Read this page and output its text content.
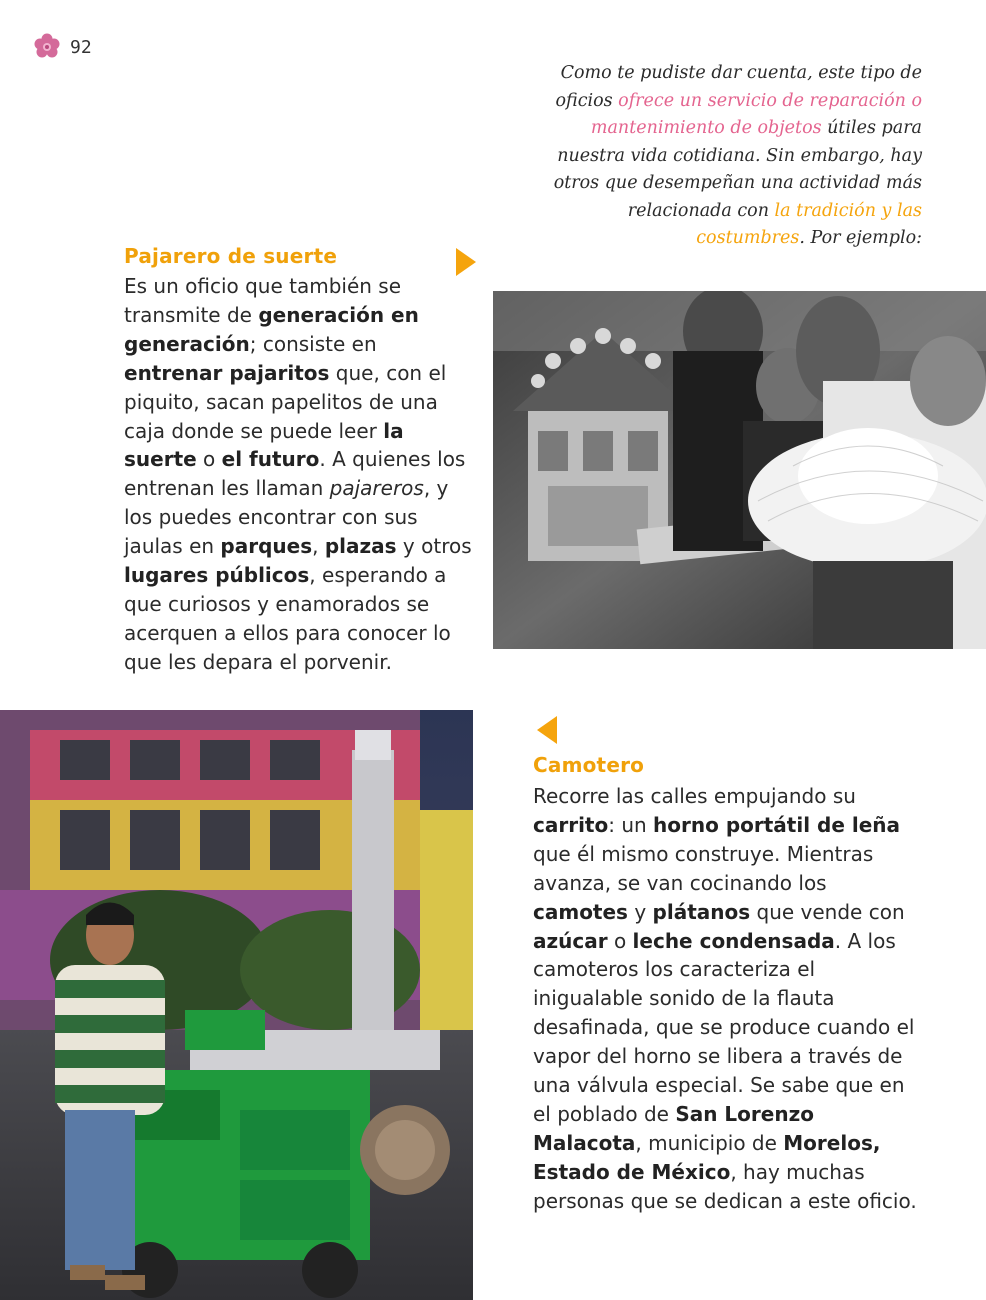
92
Como te pudiste dar cuenta, este tipo de oficios ofrece un servicio de reparación o mantenimiento de objetos útiles para nuestra vida cotidiana. Sin embargo, hay otros que desempeñan una actividad más relacionada con la tradición y las costumbres. Por ejemplo:
Pajarero de suerte
Es un oficio que también se transmite de generación en generación; consiste en entrenar pajaritos que, con el piquito, sacan papelitos de una caja donde se puede leer la suerte o el futuro. A quienes los entrenan les llaman pajareros, y los puedes encontrar con sus jaulas en parques, plazas y otros lugares públicos, esperando a que curiosos y enamorados se acerquen a ellos para conocer lo que les depara el porvenir.
Camotero
Recorre las calles empujando su carrito: un horno portátil de leña que él mismo construye. Mientras avanza, se van cocinando los camotes y plátanos que vende con azúcar o leche condensada. A los camoteros los caracteriza el inigualable sonido de la flauta desafinada, que se produce cuando el vapor del horno se libera a través de una válvula especial. Se sabe que en el poblado de San Lorenzo Malacota, municipio de Morelos, Estado de México, hay muchas personas que se dedican a este oficio.
